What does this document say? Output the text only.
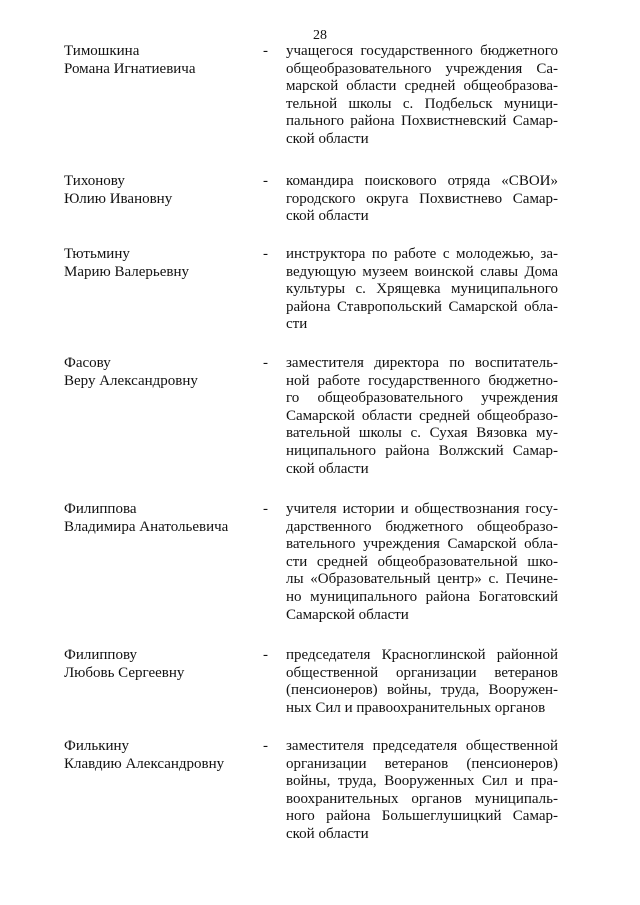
28
Тимошкина
Романа Игнатиевича
- учащегося государственного бюджетного
общеобразовательного учреждения Са-
марской области средней общеобразова-
тельной школы с. Подбельск муници-
пального района Похвистневский Самар-
ской области
Тихонову
Юлию Ивановну
- командира поискового отряда «СВОИ»
городского округа Похвистнево Самар-
ской области
Тютьмину
Марию Валерьевну
- инструктора по работе с молодежью, за-
ведующую музеем воинской славы Дома
культуры с. Хрящевка муниципального
района Ставропольский Самарской обла-
сти
Фасову
Веру Александровну
- заместителя директора по воспитатель-
ной работе государственного бюджетно-
го общеобразовательного учреждения
Самарской области средней общеобразо-
вательной школы с. Сухая Вязовка му-
ниципального района Волжский Самар-
ской области
Филиппова
Владимира Анатольевича
- учителя истории и обществознания госу-
дарственного бюджетного общеобразо-
вательного учреждения Самарской обла-
сти средней общеобразовательной шко-
лы «Образовательный центр» с. Печине-
но муниципального района Богатовский
Самарской области
Филиппову
Любовь Сергеевну
- председателя Красноглинской районной
общественной организации ветеранов
(пенсионеров) войны, труда, Вооружен-
ных Сил и правоохранительных органов
Филькину
Клавдию Александровну
- заместителя председателя общественной
организации ветеранов (пенсионеров)
войны, труда, Вооруженных Сил и пра-
воохранительных органов муниципаль-
ного района Большеглушицкий Самар-
ской области
